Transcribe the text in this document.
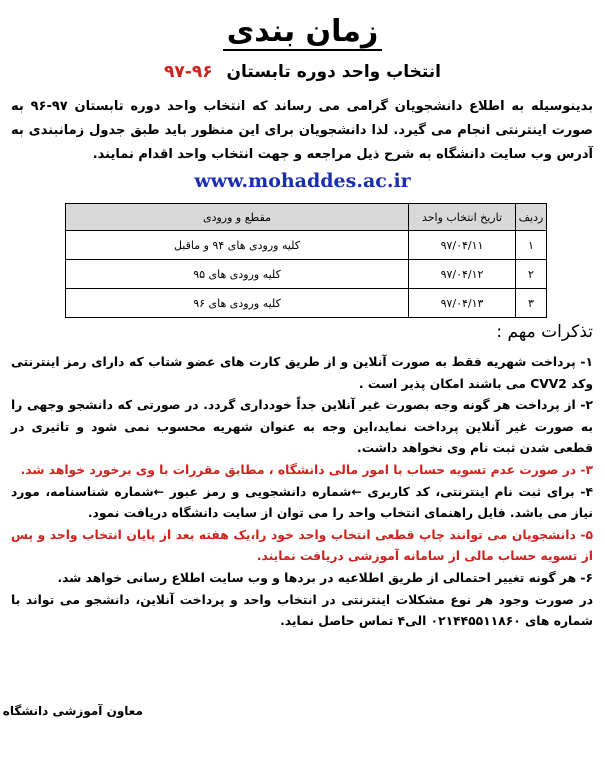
زمان بندی
انتخاب واحد دوره تابستان ۹۶-۹۷

بدینوسیله به اطلاع دانشجویان گرامی می رساند که انتخاب واحد دوره تابستان ۹۷-۹۶ به صورت اینترنتی انجام می گیرد. لذا دانشجویان برای این منظور باید طبق جدول زمانبندی به آدرس وب سایت دانشگاه به شرح ذیل مراجعه و جهت انتخاب واحد اقدام نمایند.

www.mohaddes.ac.ir
ردیف	تاریخ انتخاب واحد	مقطع و ورودی
۱	۹۷/۰۴/۱۱	کلیه ورودی های ۹۴ و ماقبل
۲	۹۷/۰۴/۱۲	کلیه ورودی های ۹۵
۳	۹۷/۰۴/۱۳	کلیه ورودی های ۹۶
تذکرات مهم :

۱- پرداخت شهریه فقط به صورت آنلاین و از طریق کارت های عضو شتاب که دارای رمز اینترنتی وکد CVV2 می باشند امکان پذیر است .

۲- از پرداخت هر گونه وجه بصورت غیر آنلاین جداً خودداری گردد. در صورتی که دانشجو وجهی را به صورت غیر آنلاین پرداخت نماید،این وجه به عنوان شهریه محسوب نمی شود و تاثیری در قطعی شدن ثبت نام وی نخواهد داشت.

۳- در صورت عدم تسویه حساب با امور مالی دانشگاه ، مطابق مقررات با وی برخورد خواهد شد.

۴- برای ثبت نام اینترنتی، کد کاربری ←شماره دانشجویی و رمز عبور ←شماره شناسنامه، مورد نیاز می باشد. فایل راهنمای انتخاب واحد را می توان از سایت دانشگاه دریافت نمود.

۵- دانشجویان می توانند چاپ قطعی انتخاب واحد خود را،یک هفته بعد از پایان انتخاب واحد و پس از تسویه حساب مالی از سامانه آموزشی دریافت نمایند.

۶- هر گونه تغییر احتمالی از طریق اطلاعیه در بردها و وب سایت اطلاع رسانی خواهد شد.

در صورت وجود هر نوع مشکلات اینترنتی در انتخاب واحد و پرداخت آنلاین، دانشجو می تواند با شماره های ۰۲۱۴۴۵۵۱۱۸۶۰ الی۴ تماس حاصل نماید.

معاون آموزشی دانشگاه
